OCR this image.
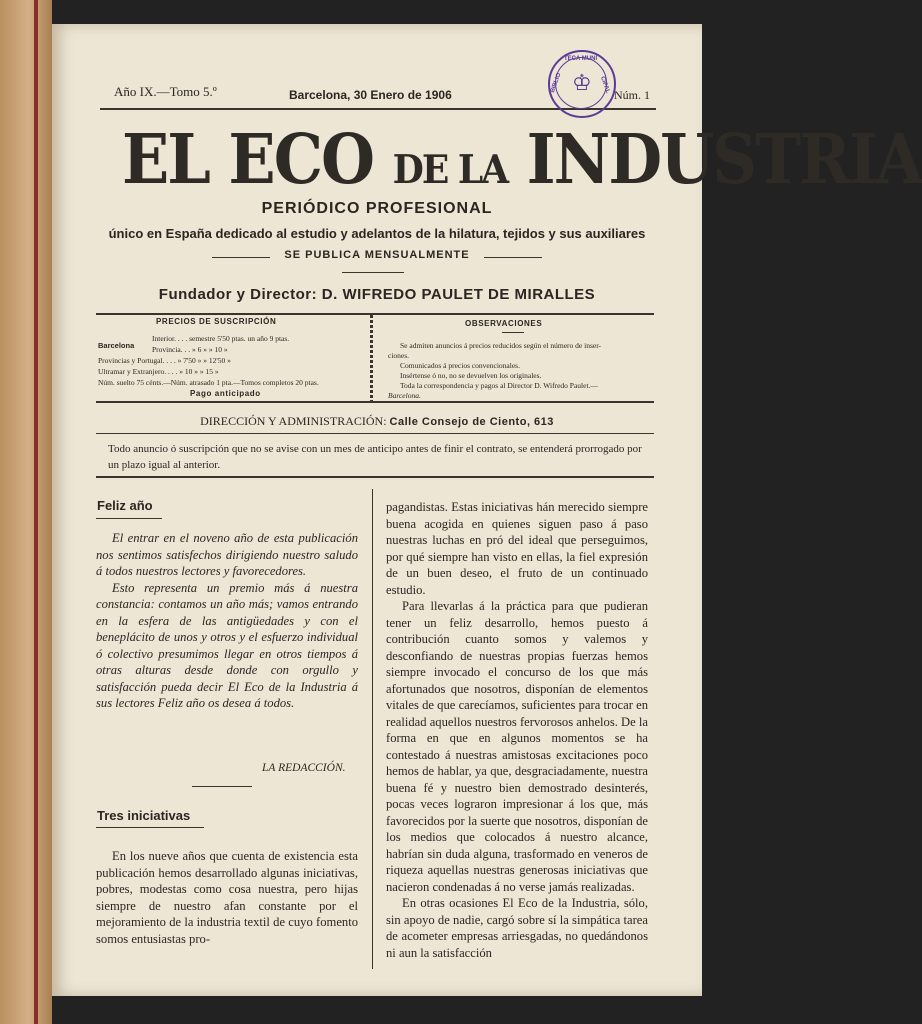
Año IX.—Tomo 5.º	Barcelona, 30 Enero de 1906	Núm. 1
TECA MUNI
BIBLIO	CIPAL
♔
EL ECO DE LA INDUSTRIA
PERIÓDICO PROFESIONAL
único en España dedicado al estudio y adelantos de la hilatura, tejidos y sus auxiliares
SE PUBLICA MENSUALMENTE
Fundador y Director: D. WIFREDO PAULET DE MIRALLES
PRECIOS DE SUSCRIPCIÓN
Barcelona
Interior. . . . semestre 5'50 ptas. un año 9 ptas.
Provincia. . . » 6 » » 10 »
Provincias y Portugal. . . . » 7'50 » » 12'50 »
Ultramar y Extranjero. . . . » 10 » » 15 »
Núm. suelto 75 cénts.—Núm. atrasado 1 pta.—Tomos completos 20 ptas.
Pago anticipado
OBSERVACIONES
Se admiten anuncios á precios reducidos según el número de inser-
ciones.
Comunicados á precios convencionales.
Insértense ó no, no se devuelven los originales.
Toda la correspondencia y pagos al Director D. Wifredo Paulet.—
Barcelona.
DIRECCIÓN Y ADMINISTRACIÓN: Calle Consejo de Ciento, 613
Todo anuncio ó suscripción que no se avise con un mes de anticipo antes de finir el contrato, se entenderá prorrogado por un plazo igual al anterior.
Feliz año

El entrar en el noveno año de esta publicación nos sentimos satisfechos dirigiendo nuestro saludo á todos nuestros lectores y favorecedores.

Esto representa un premio más á nuestra constancia: contamos un año más; vamos entrando en la esfera de las antigüedades y con el beneplácito de unos y otros y el esfuerzo individual ó colectivo presumimos llegar en otros tiempos á otras alturas desde donde con orgullo y satisfacción pueda decir El Eco de la Industria á sus lectores Feliz año os desea á todos.

LA REDACCIÓN.
Tres iniciativas

En los nueve años que cuenta de existencia esta publicación hemos desarrollado algunas iniciativas, pobres, modestas como cosa nuestra, pero hijas siempre de nuestro afan constante por el mejoramiento de la industria textil de cuyo fomento somos entusiastas pro-

pagandistas. Estas iniciativas hán merecido siempre buena acogida en quienes siguen paso á paso nuestras luchas en pró del ideal que perseguimos, por qué siempre han visto en ellas, la fiel expresión de un buen deseo, el fruto de un continuado estudio.

Para llevarlas á la práctica para que pudieran tener un feliz desarrollo, hemos puesto á contribución cuanto somos y valemos y desconfiando de nuestras propias fuerzas hemos siempre invocado el concurso de los que más afortunados que nosotros, disponían de elementos vitales de que carecíamos, suficientes para trocar en realidad aquellos nuestros fervorosos anhelos. De la forma en que en algunos momentos se ha contestado á nuestras amistosas excitaciones poco hemos de hablar, ya que, desgraciadamente, nuestra buena fé y nuestro bien demostrado desinterés, pocas veces lograron impresionar á los que, más favorecidos por la suerte que nosotros, disponían de los medios que colocados á nuestro alcance, habrían sin duda alguna, trasformado en veneros de riqueza aquellas nuestras generosas iniciativas que nacieron condenadas á no verse jamás realizadas.

En otras ocasiones El Eco de la Industria, sólo, sin apoyo de nadie, cargó sobre sí la simpática tarea de acometer empresas arriesgadas, no quedándonos ni aun la satisfacción
